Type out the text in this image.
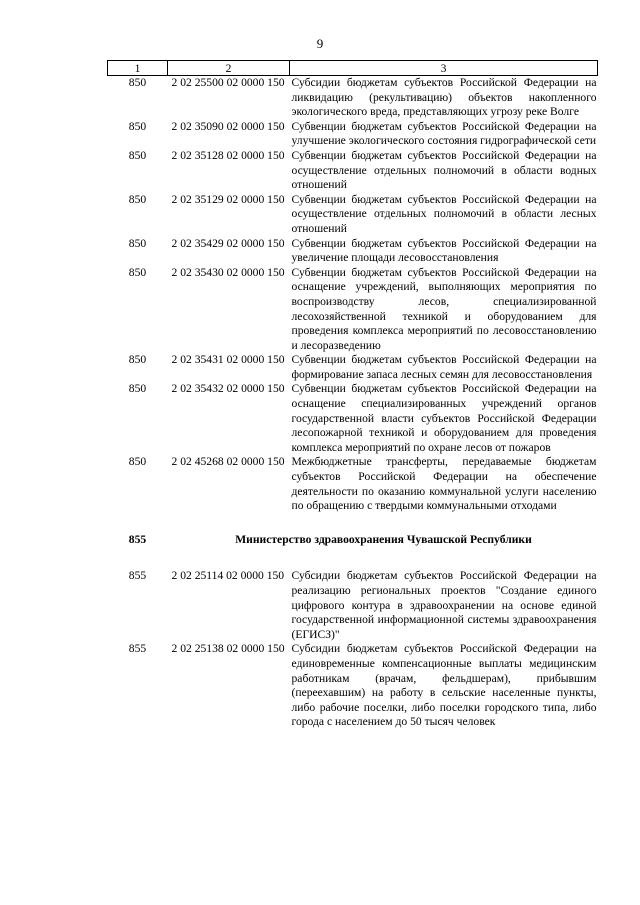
9
1	2	3
850	2 02 25500 02 0000 150	Субсидии бюджетам субъектов Российской Федерации на ликвидацию (рекультивацию) объектов накопленного экологического вреда, представляющих угрозу реке Волге
850	2 02 35090 02 0000 150	Субвенции бюджетам субъектов Российской Федерации на улучшение экологического состояния гидрографической сети
850	2 02 35128 02 0000 150	Субвенции бюджетам субъектов Российской Федерации на осуществление отдельных полномочий в области водных отношений
850	2 02 35129 02 0000 150	Субвенции бюджетам субъектов Российской Федерации на осуществление отдельных полномочий в области лесных отношений
850	2 02 35429 02 0000 150	Субвенции бюджетам субъектов Российской Федерации на увеличение площади лесовосстановления
850	2 02 35430 02 0000 150	Субвенции бюджетам субъектов Российской Федерации на оснащение учреждений, выполняющих мероприятия по воспроизводству лесов, специализированной лесохозяйственной техникой и оборудованием для проведения комплекса мероприятий по лесовосстановлению и лесоразведению
850	2 02 35431 02 0000 150	Субвенции бюджетам субъектов Российской Федерации на формирование запаса лесных семян для лесовосстановления
850	2 02 35432 02 0000 150	Субвенции бюджетам субъектов Российской Федерации на оснащение специализированных учреждений органов государственной власти субъектов Российской Федерации лесопожарной техникой и оборудованием для проведения комплекса мероприятий по охране лесов от пожаров
850	2 02 45268 02 0000 150	Межбюджетные трансферты, передаваемые бюджетам субъектов Российской Федерации на обеспечение деятельности по оказанию коммунальной услуги населению по обращению с твердыми коммунальными отходами
855	Министерство здравоохранения Чувашской Республики	
855	2 02 25114 02 0000 150	Субсидии бюджетам субъектов Российской Федерации на реализацию региональных проектов "Создание единого цифрового контура в здравоохранении на основе единой государственной информационной системы здравоохранения (ЕГИСЗ)"
855	2 02 25138 02 0000 150	Субсидии бюджетам субъектов Российской Федерации на единовременные компенсационные выплаты медицинским работникам (врачам, фельдшерам), прибывшим (переехавшим) на работу в сельские населенные пункты, либо рабочие поселки, либо поселки городского типа, либо города с населением до 50 тысяч человек
